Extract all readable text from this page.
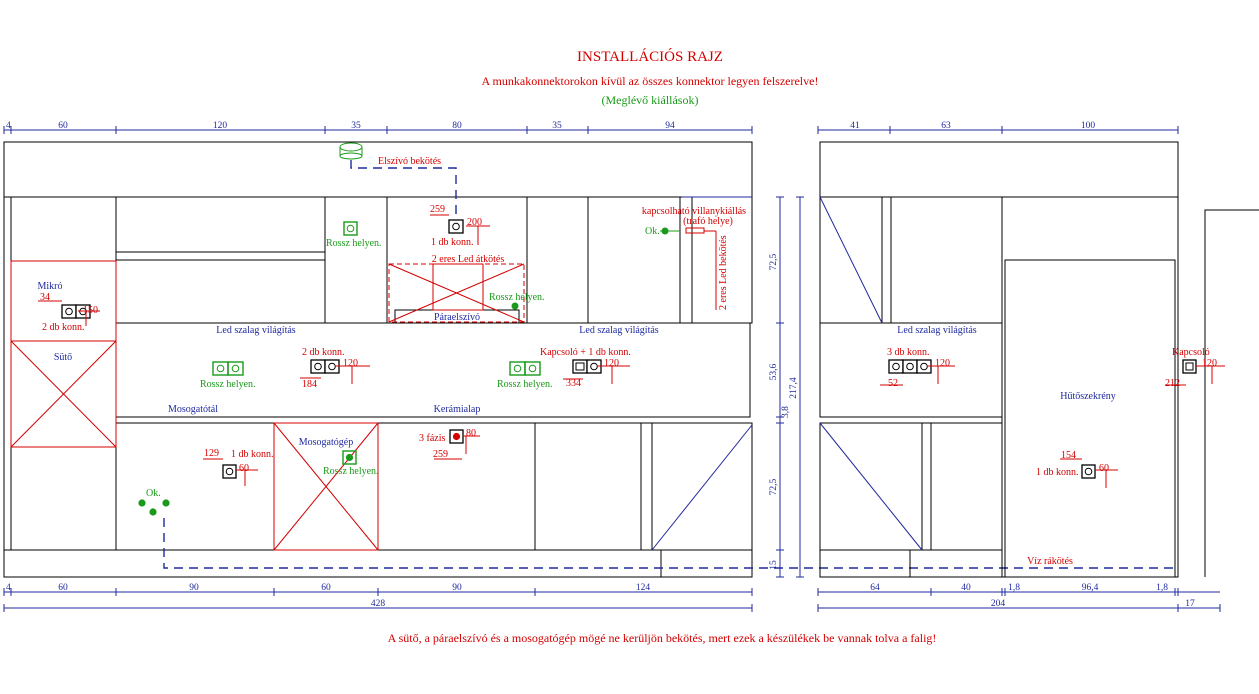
INSTALLÁCIÓS RAJZ
A munkakonnektorokon kívül az összes konnektor legyen felszerelve!
(Meglévő kiállások)
4	60	120	35	80	35	94
Mikró
Sütő
Páraelszívó
2 eres Led átkötés
Mosogatógép
Elszívó bekötés
kapcsolható villanykiállás
(trafó helye)
Ok.
2 eres Led bekötés
259
200
1 db konn.
Rossz helyen.
Rossz helyen.
34
150
2 db konn.	Led szalag világítás	Led szalag világítás
Rossz helyen.
2 db konn.
120
184	Rossz helyen.
Kapcsoló + 1 db konn.
120
334
Mosogatótál	Kerámialap
3 fázis 80
259
Rossz helyen.
129 1 db konn.
60
Ok.
Víz rákötés
4	60	90	60	90	124
428
72,5
53,6
3,8
217,4
72,5
15
41	63	100
Hűtőszekrény
Led szalag világítás
3 db konn.
120
52
154
1 db konn. 60
Kapcsoló
120
212
64	40	1,8	96,4	1,8
204	17
A sütő, a páraelszívó és a mosogatógép mögé ne kerüljön bekötés, mert ezek a készülékek be vannak tolva a falig!
